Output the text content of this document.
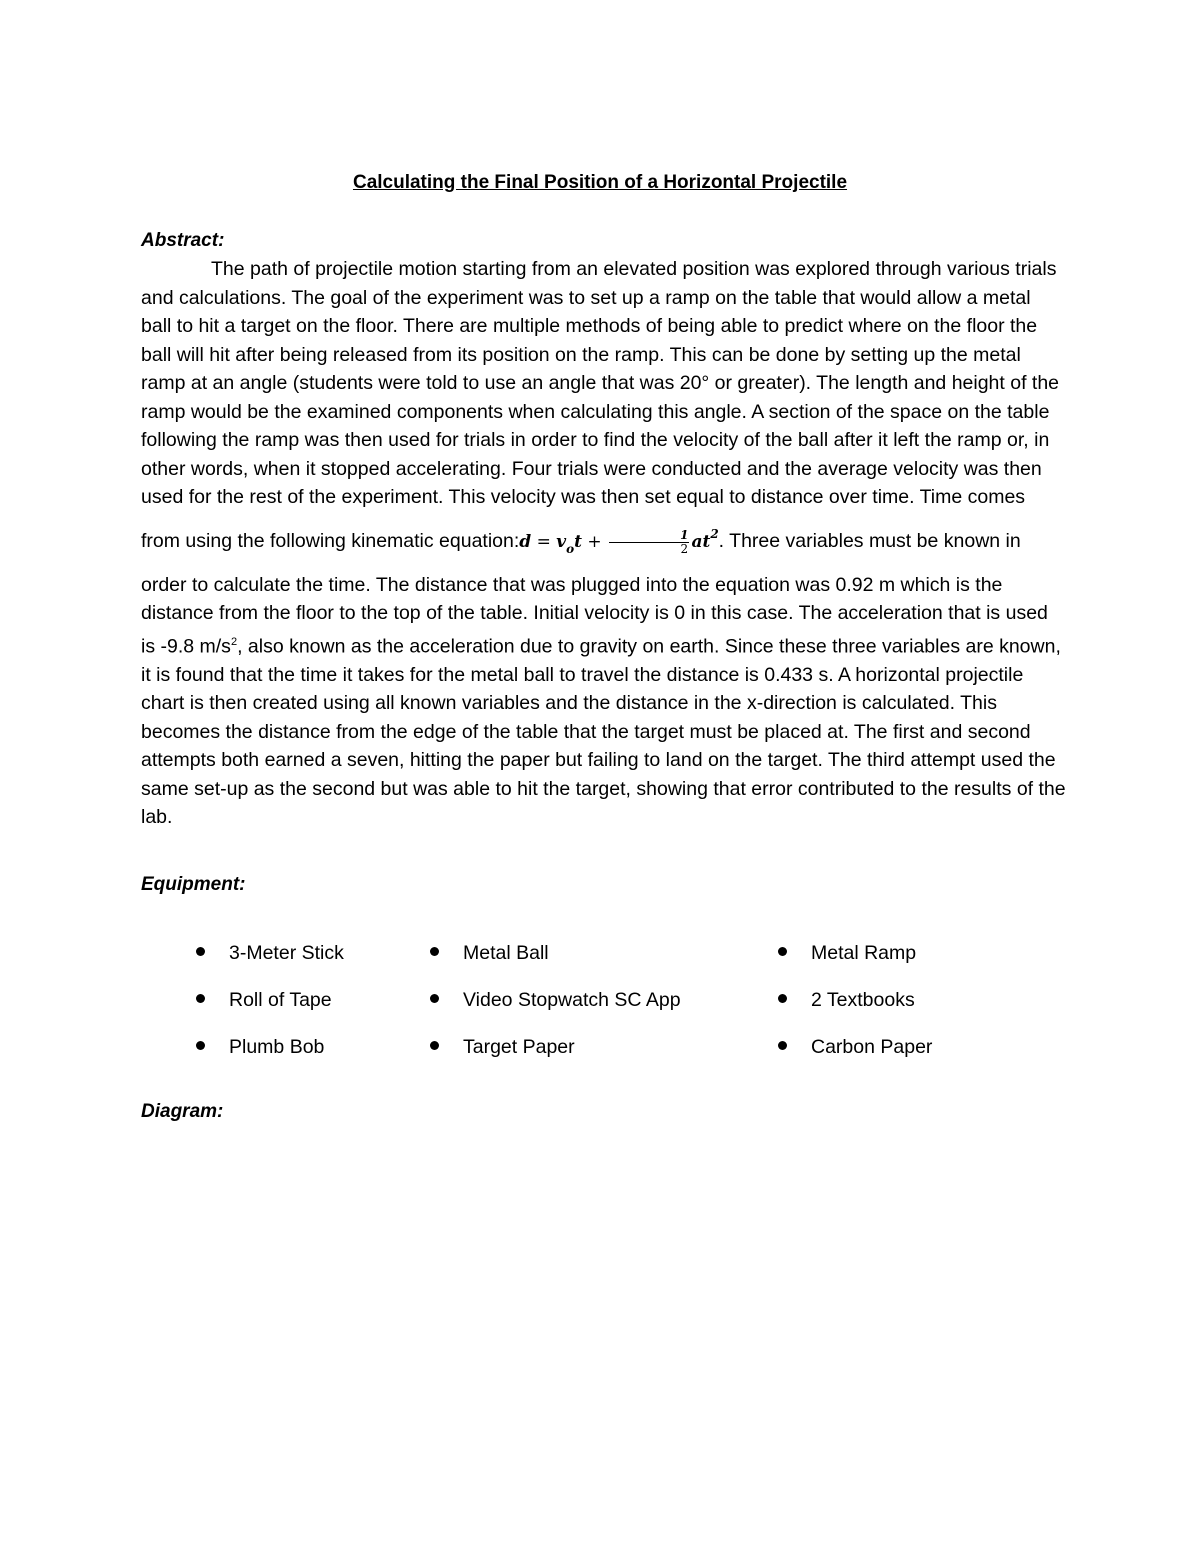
Calculating the Final Position of a Horizontal Projectile
Abstract:

The path of projectile motion starting from an elevated position was explored through various trials and calculations. The goal of the experiment was to set up a ramp on the table that would allow a metal ball to hit a target on the floor. There are multiple methods of being able to predict where on the floor the ball will hit after being released from its position on the ramp. This can be done by setting up the metal ramp at an angle (students were told to use an angle that was 20° or greater). The length and height of the ramp would be the examined components when calculating this angle. A section of the space on the table following the ramp was then used for trials in order to find the velocity of the ball after it left the ramp or, in other words, when it stopped accelerating. Four trials were conducted and the average velocity was then used for the rest of the experiment. This velocity was then set equal to distance over time. Time comes from using the following kinematic equation:d = $v_ot + \frac{1}{2} at^2$. Three variables must be known in order to calculate the time. The distance that was plugged into the equation was 0.92 m which is the distance from the floor to the top of the table. Initial velocity is 0 in this case. The acceleration that is used is -9.8 $m/s^2$, also known as the acceleration due to gravity on earth. Since these three variables are known, it is found that the time it takes for the metal ball to travel the distance is 0.433 s. A horizontal projectile chart is then created using all known variables and the distance in the x-direction is calculated. This becomes the distance from the edge of the table that the target must be placed at. The first and second attempts both earned a seven, hitting the paper but failing to land on the target. The third attempt used the same set-up as the second but was able to hit the target, showing that error contributed to the results of the lab.

Equipment:
3-Meter Stick	Metal Ball	Metal Ramp
Roll of Tape	Video Stopwatch SC App	2 Textbooks
Plumb Bob	Target Paper	Carbon Paper
Diagram:
